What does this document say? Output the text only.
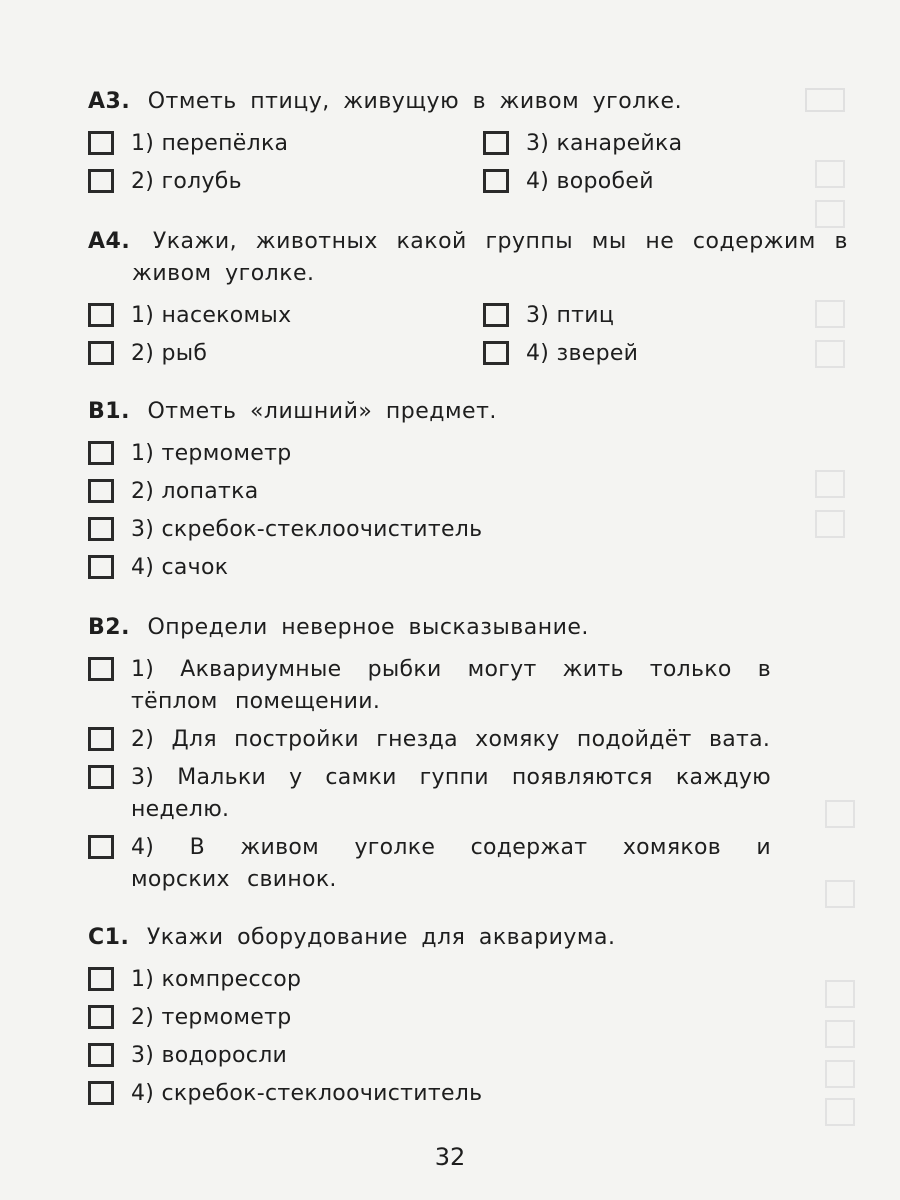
А3. Отметь птицу, живущую в живом уголке.
1) перепёлка
2) голубь
3) канарейка
4) воробей
А4. Укажи, животных какой группы мы не содержим в живом уголке.
1) насекомых
2) рыб
3) птиц
4) зверей
В1. Отметь «лишний» предмет.
1) термометр
2) лопатка
3) скребок-стеклоочиститель
4) сачок
В2. Определи неверное высказывание.
1) Аквариумные рыбки могут жить только в тёплом помещении.
2) Для постройки гнезда хомяку подойдёт вата.
3) Мальки у самки гуппи появляются каждую неделю.
4) В живом уголке содержат хомяков и морских свинок.
С1. Укажи оборудование для аквариума.
1) компрессор
2) термометр
3) водоросли
4) скребок-стеклоочиститель
32
